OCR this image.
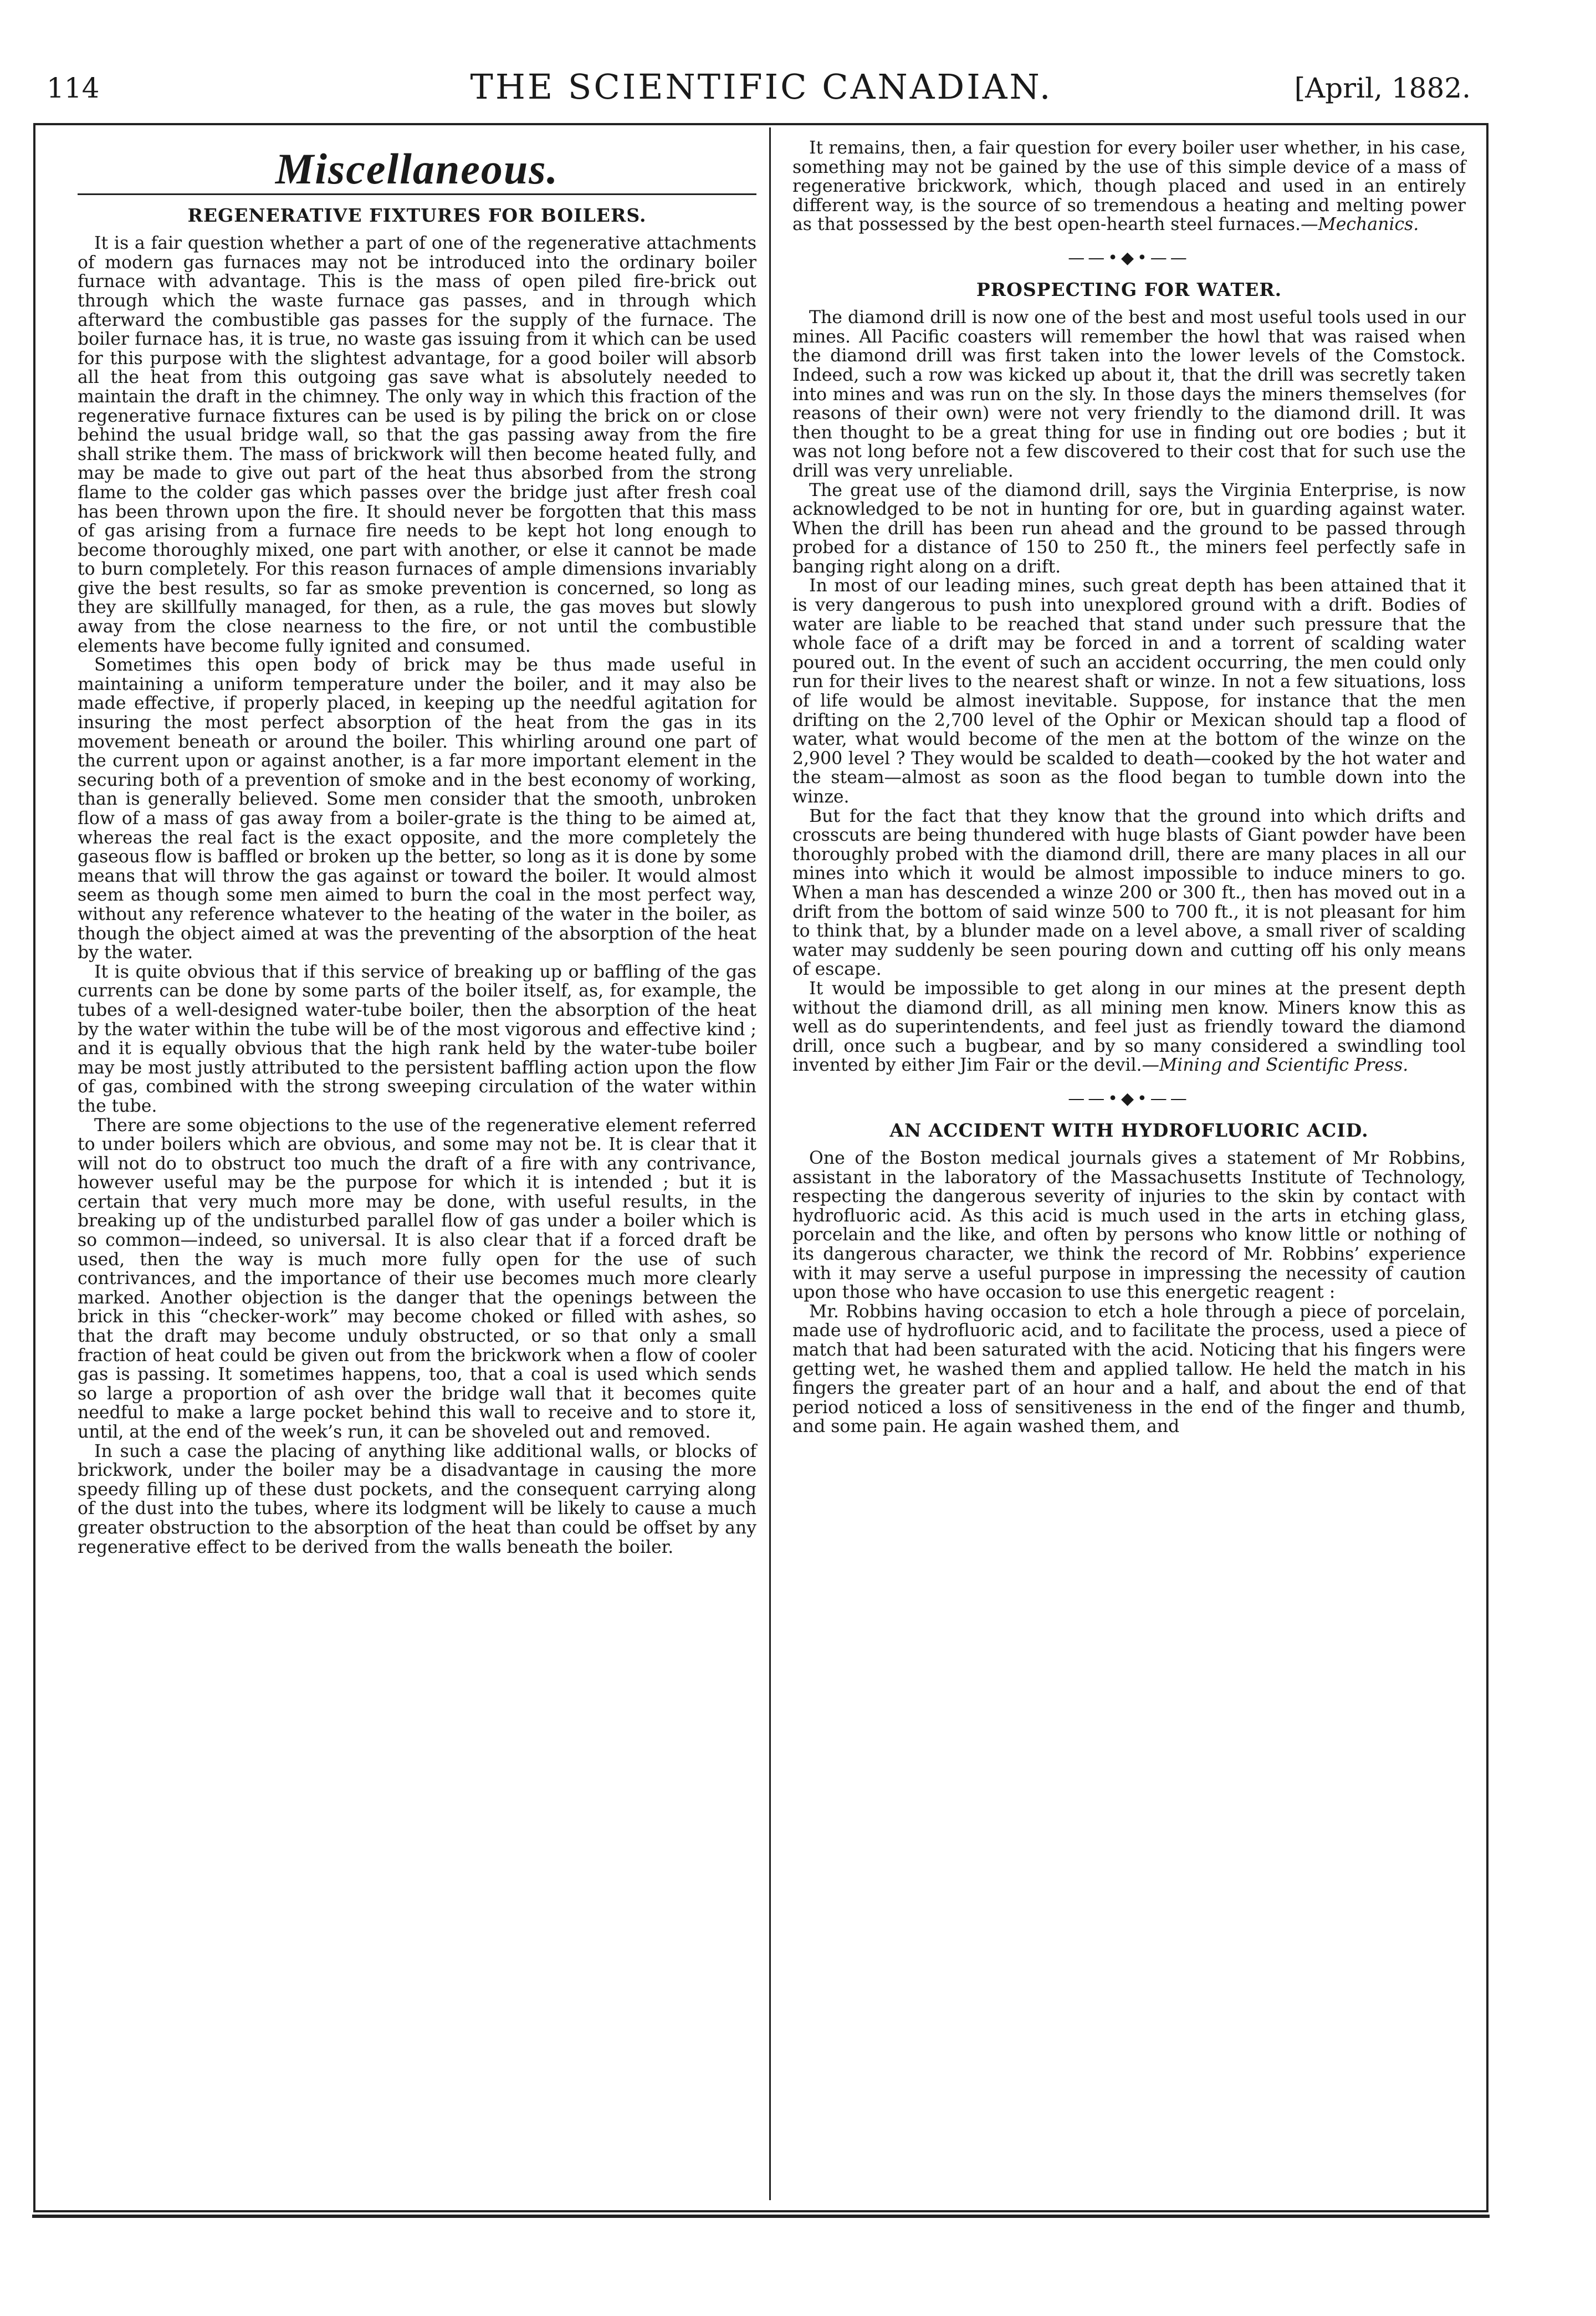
114	THE SCIENTIFIC CANADIAN.	[April, 1882.
Miscellaneous.
REGENERATIVE FIXTURES FOR BOILERS.

It is a fair question whether a part of one of the regenerative attachments of modern gas furnaces may not be introduced into the ordinary boiler furnace with advantage. This is the mass of open piled fire-brick out through which the waste furnace gas passes, and in through which afterward the combustible gas passes for the supply of the furnace. The boiler furnace has, it is true, no waste gas issuing from it which can be used for this purpose with the slightest advantage, for a good boiler will absorb all the heat from this outgoing gas save what is absolutely needed to maintain the draft in the chimney. The only way in which this fraction of the regenerative furnace fixtures can be used is by piling the brick on or close behind the usual bridge wall, so that the gas passing away from the fire shall strike them. The mass of brickwork will then become heated fully, and may be made to give out part of the heat thus absorbed from the strong flame to the colder gas which passes over the bridge just after fresh coal has been thrown upon the fire. It should never be forgotten that this mass of gas arising from a furnace fire needs to be kept hot long enough to become thoroughly mixed, one part with another, or else it cannot be made to burn completely. For this reason furnaces of ample dimensions invariably give the best results, so far as smoke prevention is concerned, so long as they are skillfully managed, for then, as a rule, the gas moves but slowly away from the close nearness to the fire, or not until the combustible elements have become fully ignited and consumed.

Sometimes this open body of brick may be thus made useful in maintaining a uniform temperature under the boiler, and it may also be made effective, if properly placed, in keeping up the needful agitation for insuring the most perfect absorption of the heat from the gas in its movement beneath or around the boiler. This whirling around one part of the current upon or against another, is a far more important element in the securing both of a prevention of smoke and in the best economy of working, than is generally believed. Some men consider that the smooth, unbroken flow of a mass of gas away from a boiler-grate is the thing to be aimed at, whereas the real fact is the exact opposite, and the more completely the gaseous flow is baffled or broken up the better, so long as it is done by some means that will throw the gas against or toward the boiler. It would almost seem as though some men aimed to burn the coal in the most perfect way, without any reference whatever to the heating of the water in the boiler, as though the object aimed at was the preventing of the absorption of the heat by the water.

It is quite obvious that if this service of breaking up or baffling of the gas currents can be done by some parts of the boiler itself, as, for example, the tubes of a well-designed water-tube boiler, then the absorption of the heat by the water within the tube will be of the most vigorous and effective kind ; and it is equally obvious that the high rank held by the water-tube boiler may be most justly attributed to the persistent baffling action upon the flow of gas, combined with the strong sweeping circulation of the water within the tube.

There are some objections to the use of the regenerative element referred to under boilers which are obvious, and some may not be. It is clear that it will not do to obstruct too much the draft of a fire with any contrivance, however useful may be the purpose for which it is intended ; but it is certain that very much more may be done, with useful results, in the breaking up of the undisturbed parallel flow of gas under a boiler which is so common—indeed, so universal. It is also clear that if a forced draft be used, then the way is much more fully open for the use of such contrivances, and the importance of their use becomes much more clearly marked. Another objection is the danger that the openings between the brick in this “checker-work” may become choked or filled with ashes, so that the draft may become unduly obstructed, or so that only a small fraction of heat could be given out from the brickwork when a flow of cooler gas is passing. It sometimes happens, too, that a coal is used which sends so large a proportion of ash over the bridge wall that it becomes quite needful to make a large pocket behind this wall to receive and to store it, until, at the end of the week’s run, it can be shoveled out and removed.

In such a case the placing of anything like additional walls, or blocks of brickwork, under the boiler may be a disadvantage in causing the more speedy filling up of these dust pockets, and the consequent carrying along of the dust into the tubes, where its lodgment will be likely to cause a much greater obstruction to the absorption of the heat than could be offset by any regenerative effect to be derived from the walls beneath the boiler.

It remains, then, a fair question for every boiler user whether, in his case, something may not be gained by the use of this simple device of a mass of regenerative brickwork, which, though placed and used in an entirely different way, is the source of so tremendous a heating and melting power as that possessed by the best open-hearth steel furnaces.—Mechanics.

——•◆•——
PROSPECTING FOR WATER.

The diamond drill is now one of the best and most useful tools used in our mines. All Pacific coasters will remember the howl that was raised when the diamond drill was first taken into the lower levels of the Comstock. Indeed, such a row was kicked up about it, that the drill was secretly taken into mines and was run on the sly. In those days the miners themselves (for reasons of their own) were not very friendly to the diamond drill. It was then thought to be a great thing for use in finding out ore bodies ; but it was not long before not a few discovered to their cost that for such use the drill was very unreliable.

The great use of the diamond drill, says the Virginia Enterprise, is now acknowledged to be not in hunting for ore, but in guarding against water. When the drill has been run ahead and the ground to be passed through probed for a distance of 150 to 250 ft., the miners feel perfectly safe in banging right along on a drift.

In most of our leading mines, such great depth has been attained that it is very dangerous to push into unexplored ground with a drift. Bodies of water are liable to be reached that stand under such pressure that the whole face of a drift may be forced in and a torrent of scalding water poured out. In the event of such an accident occurring, the men could only run for their lives to the nearest shaft or winze. In not a few situations, loss of life would be almost inevitable. Suppose, for instance that the men drifting on the 2,700 level of the Ophir or Mexican should tap a flood of water, what would become of the men at the bottom of the winze on the 2,900 level ? They would be scalded to death—cooked by the hot water and the steam—almost as soon as the flood began to tumble down into the winze.

But for the fact that they know that the ground into which drifts and crosscuts are being thundered with huge blasts of Giant powder have been thoroughly probed with the diamond drill, there are many places in all our mines into which it would be almost impossible to induce miners to go. When a man has descended a winze 200 or 300 ft., then has moved out in a drift from the bottom of said winze 500 to 700 ft., it is not pleasant for him to think that, by a blunder made on a level above, a small river of scalding water may suddenly be seen pouring down and cutting off his only means of escape.

It would be impossible to get along in our mines at the present depth without the diamond drill, as all mining men know. Miners know this as well as do superintendents, and feel just as friendly toward the diamond drill, once such a bugbear, and by so many considered a swindling tool invented by either Jim Fair or the devil.—Mining and Scientific Press.

——•◆•——
AN ACCIDENT WITH HYDROFLUORIC ACID.

One of the Boston medical journals gives a statement of Mr Robbins, assistant in the laboratory of the Massachusetts Institute of Technology, respecting the dangerous severity of injuries to the skin by contact with hydrofluoric acid. As this acid is much used in the arts in etching glass, porcelain and the like, and often by persons who know little or nothing of its dangerous character, we think the record of Mr. Robbins’ experience with it may serve a useful purpose in impressing the necessity of caution upon those who have occasion to use this energetic reagent :

Mr. Robbins having occasion to etch a hole through a piece of porcelain, made use of hydrofluoric acid, and to facilitate the process, used a piece of match that had been saturated with the acid. Noticing that his fingers were getting wet, he washed them and applied tallow. He held the match in his fingers the greater part of an hour and a half, and about the end of that period noticed a loss of sensitiveness in the end of the finger and thumb, and some pain. He again washed them, and
